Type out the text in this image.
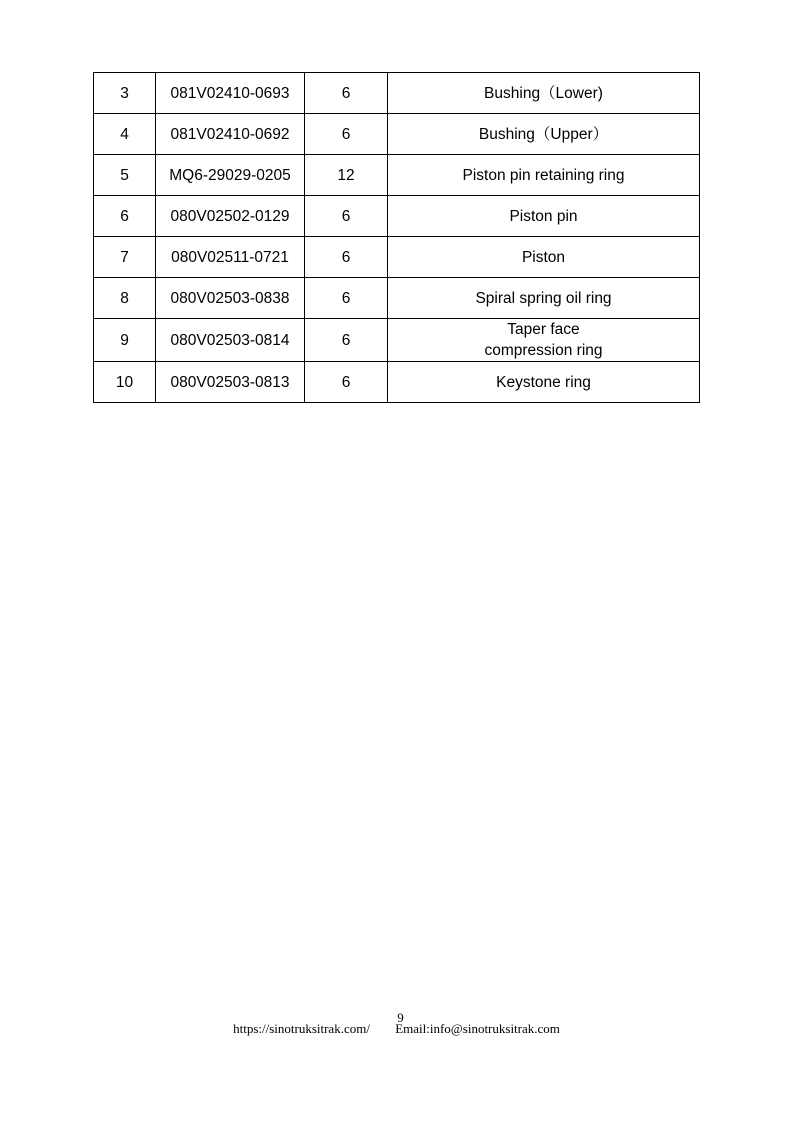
3	081V02410-0693	6	Bushing（Lower)
4	081V02410-0692	6	Bushing（Upper）
5	MQ6-29029-0205	12	Piston pin retaining ring
6	080V02502-0129	6	Piston pin
7	080V02511-0721	6	Piston
8	080V02503-0838	6	Spiral spring oil ring
9	080V02503-0814	6	Taper face
compression ring
10	080V02503-0813	6	Keystone ring
9
https://sinotruksitrak.com/ Email:info@sinotruksitrak.com
